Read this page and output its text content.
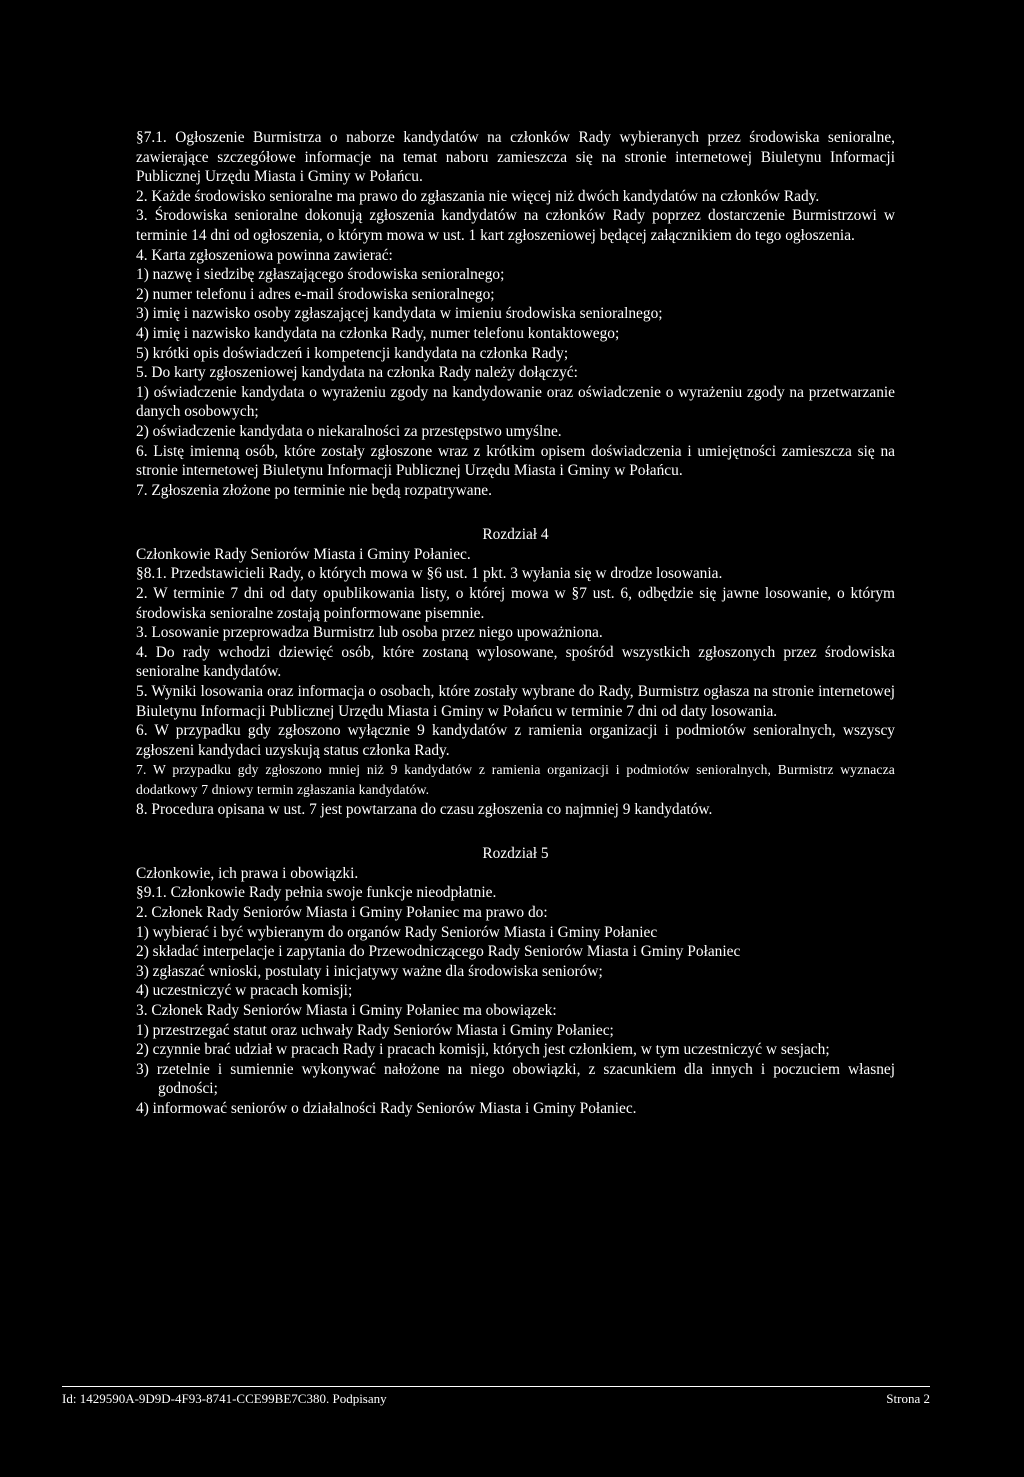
§7.1. Ogłoszenie Burmistrza o naborze kandydatów na członków Rady wybieranych przez środowiska senioralne, zawierające szczegółowe informacje na temat naboru zamieszcza się na stronie internetowej Biuletynu Informacji Publicznej Urzędu Miasta i Gminy w Połańcu.

2. Każde środowisko senioralne ma prawo do zgłaszania nie więcej niż dwóch kandydatów na członków Rady.

3. Środowiska senioralne dokonują zgłoszenia kandydatów na członków Rady poprzez dostarczenie Burmistrzowi w terminie 14 dni od ogłoszenia, o którym mowa w ust. 1 kart zgłoszeniowej będącej załącznikiem do tego ogłoszenia.

4. Karta zgłoszeniowa powinna zawierać:

1) nazwę i siedzibę zgłaszającego środowiska senioralnego;

2) numer telefonu i adres e-mail środowiska senioralnego;

3) imię i nazwisko osoby zgłaszającej kandydata w imieniu środowiska senioralnego;

4) imię i nazwisko kandydata na członka Rady, numer telefonu kontaktowego;

5) krótki opis doświadczeń i kompetencji kandydata na członka Rady;

5. Do karty zgłoszeniowej kandydata na członka Rady należy dołączyć:

1) oświadczenie kandydata o wyrażeniu zgody na kandydowanie oraz oświadczenie o wyrażeniu zgody na przetwarzanie danych osobowych;

2) oświadczenie kandydata o niekaralności za przestępstwo umyślne.

6. Listę imienną osób, które zostały zgłoszone wraz z krótkim opisem doświadczenia i umiejętności zamieszcza się na stronie internetowej Biuletynu Informacji Publicznej Urzędu Miasta i Gminy w Połańcu.

7. Zgłoszenia złożone po terminie nie będą rozpatrywane.

Rozdział 4

Członkowie Rady Seniorów Miasta i Gminy Połaniec.

§8.1. Przedstawicieli Rady, o których mowa w §6 ust. 1 pkt. 3 wyłania się w drodze losowania.

2. W terminie 7 dni od daty opublikowania listy, o której mowa w §7 ust. 6, odbędzie się jawne losowanie, o którym środowiska senioralne zostają poinformowane pisemnie.

3. Losowanie przeprowadza Burmistrz lub osoba przez niego upoważniona.

4. Do rady wchodzi dziewięć osób, które zostaną wylosowane, spośród wszystkich zgłoszonych przez środowiska senioralne kandydatów.

5. Wyniki losowania oraz informacja o osobach, które zostały wybrane do Rady, Burmistrz ogłasza na stronie internetowej Biuletynu Informacji Publicznej Urzędu Miasta i Gminy w Połańcu w terminie 7 dni od daty losowania.

6. W przypadku gdy zgłoszono wyłącznie 9 kandydatów z ramienia organizacji i podmiotów senioralnych, wszyscy zgłoszeni kandydaci uzyskują status członka Rady.

7. W przypadku gdy zgłoszono mniej niż 9 kandydatów z ramienia organizacji i podmiotów senioralnych, Burmistrz wyznacza dodatkowy 7 dniowy termin zgłaszania kandydatów.

8. Procedura opisana w ust. 7 jest powtarzana do czasu zgłoszenia co najmniej 9 kandydatów.

Rozdział 5

Członkowie, ich prawa i obowiązki.

§9.1. Członkowie Rady pełnia swoje funkcje nieodpłatnie.

2. Członek Rady Seniorów Miasta i Gminy Połaniec ma prawo do:

1) wybierać i być wybieranym do organów Rady Seniorów Miasta i Gminy Połaniec

2) składać interpelacje i zapytania do Przewodniczącego Rady Seniorów Miasta i Gminy Połaniec

3) zgłaszać wnioski, postulaty i inicjatywy ważne dla środowiska seniorów;

4) uczestniczyć w pracach komisji;

3. Członek Rady Seniorów Miasta i Gminy Połaniec ma obowiązek:

1) przestrzegać statut oraz uchwały Rady Seniorów Miasta i Gminy Połaniec;

2) czynnie brać udział w pracach Rady i pracach komisji, których jest członkiem, w tym uczestniczyć w sesjach;

3) rzetelnie i sumiennie wykonywać nałożone na niego obowiązki, z szacunkiem dla innych i poczuciem własnej godności;

4) informować seniorów o działalności Rady Seniorów Miasta i Gminy Połaniec.

Id: 1429590A-9D9D-4F93-8741-CCE99BE7C380. Podpisany	Strona 2
